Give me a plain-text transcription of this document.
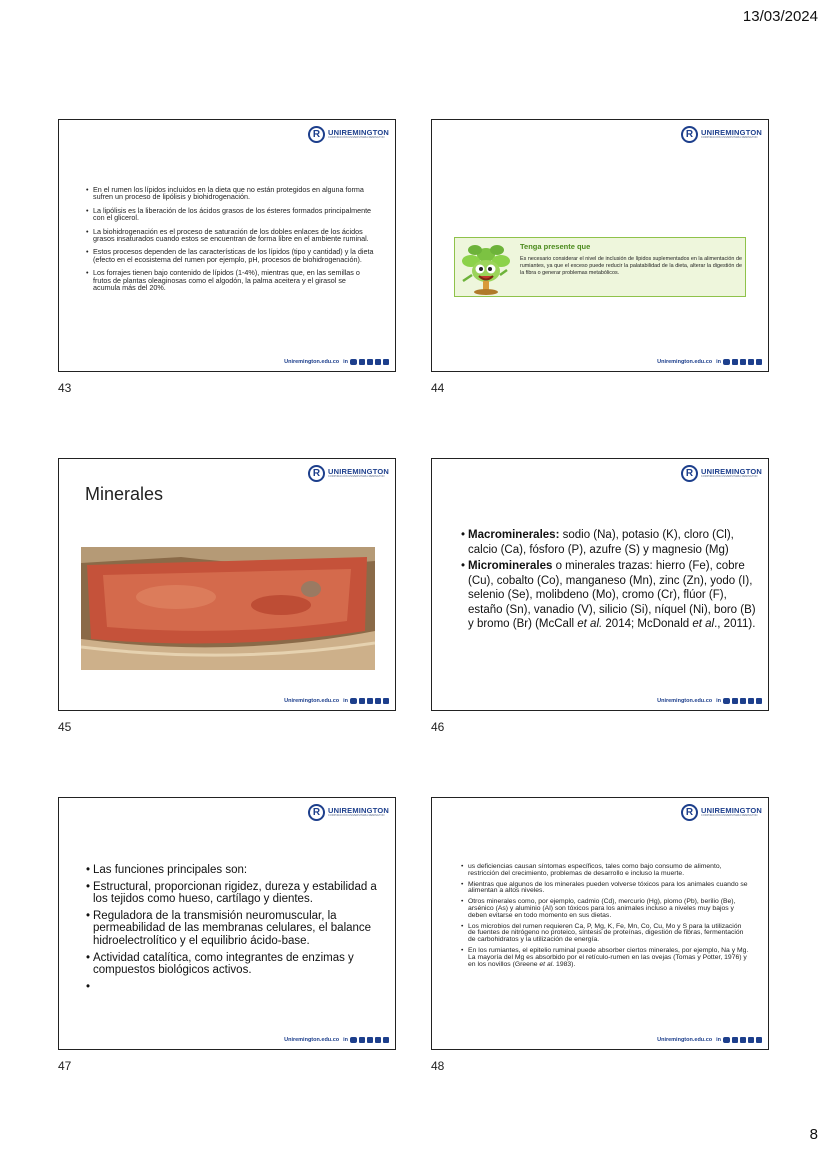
13/03/2024
R	UNIREMINGTON
CORPORACIÓN UNIVERSITARIA REMINGTON
• En el rumen los lípidos incluidos en la dieta que no están protegidos en alguna forma sufren un proceso de lipólisis y biohidrogenación.
• La lipólisis es la liberación de los ácidos grasos de los ésteres formados principalmente con el glicerol.
• La biohidrogenación es el proceso de saturación de los dobles enlaces de los ácidos grasos insaturados cuando estos se encuentran de forma libre en el ambiente ruminal.
• Estos procesos dependen de las características de los lípidos (tipo y cantidad) y la dieta (efecto en el ecosistema del rumen por ejemplo, pH, procesos de biohidrogenación).
• Los forrajes tienen bajo contenido de lípidos (1-4%), mientras que, en las semillas o frutos de plantas oleaginosas como el algodón, la palma aceitera y el girasol se acumula más del 20%.
Uniremington.edu.co in
43
R	UNIREMINGTON
CORPORACIÓN UNIVERSITARIA REMINGTON
Tenga presente que
Es necesario considerar el nivel de inclusión de lípidos suplementados en la alimentación de rumiantes, ya que el exceso puede reducir la palatabilidad de la dieta, alterar la digestión de la fibra o generar problemas metabólicos.
Uniremington.edu.co in
44
R	UNIREMINGTON
CORPORACIÓN UNIVERSITARIA REMINGTON
Minerales
Uniremington.edu.co in
45
R	UNIREMINGTON
CORPORACIÓN UNIVERSITARIA REMINGTON
• Macrominerales: sodio (Na), potasio (K), cloro (Cl), calcio (Ca), fósforo (P), azufre (S) y magnesio (Mg)
• Microminerales o minerales trazas: hierro (Fe), cobre (Cu), cobalto (Co), manganeso (Mn), zinc (Zn), yodo (I), selenio (Se), molibdeno (Mo), cromo (Cr), flúor (F), estaño (Sn), vanadio (V), silicio (Si), níquel (Ni), boro (B) y bromo (Br) (McCall et al. 2014; McDonald et al., 2011).
Uniremington.edu.co in
46
R	UNIREMINGTON
CORPORACIÓN UNIVERSITARIA REMINGTON
• Las funciones principales son:
• Estructural, proporcionan rigidez, dureza y estabilidad a los tejidos como hueso, cartílago y dientes.
• Reguladora de la transmisión neuromuscular, la permeabilidad de las membranas celulares, el balance hidroelectrolítico y el equilibrio ácido-base.
• Actividad catalítica, como integrantes de enzimas y compuestos biológicos activos.
•
Uniremington.edu.co in
47
R	UNIREMINGTON
CORPORACIÓN UNIVERSITARIA REMINGTON
• us deficiencias causan síntomas específicos, tales como bajo consumo de alimento, restricción del crecimiento, problemas de desarrollo e incluso la muerte.
• Mientras que algunos de los minerales pueden volverse tóxicos para los animales cuando se alimentan a altos niveles.
• Otros minerales como, por ejemplo, cadmio (Cd), mercurio (Hg), plomo (Pb), berilio (Be), arsénico (As) y aluminio (Al) son tóxicos para los animales incluso a niveles muy bajos y deben evitarse en todo momento en sus dietas.
• Los microbios del rumen requieren Ca, P, Mg, K, Fe, Mn, Co, Cu, Mo y S para la utilización de fuentes de nitrógeno no proteico, síntesis de proteínas, digestión de fibras, fermentación de carbohidratos y la utilización de energía.
• En los rumiantes, el epitelio ruminal puede absorber ciertos minerales, por ejemplo, Na y Mg. La mayoría del Mg es absorbido por el retículo-rumen en las ovejas (Tomas y Potter, 1976) y en los novillos (Greene et al. 1983).
Uniremington.edu.co in
48
8
